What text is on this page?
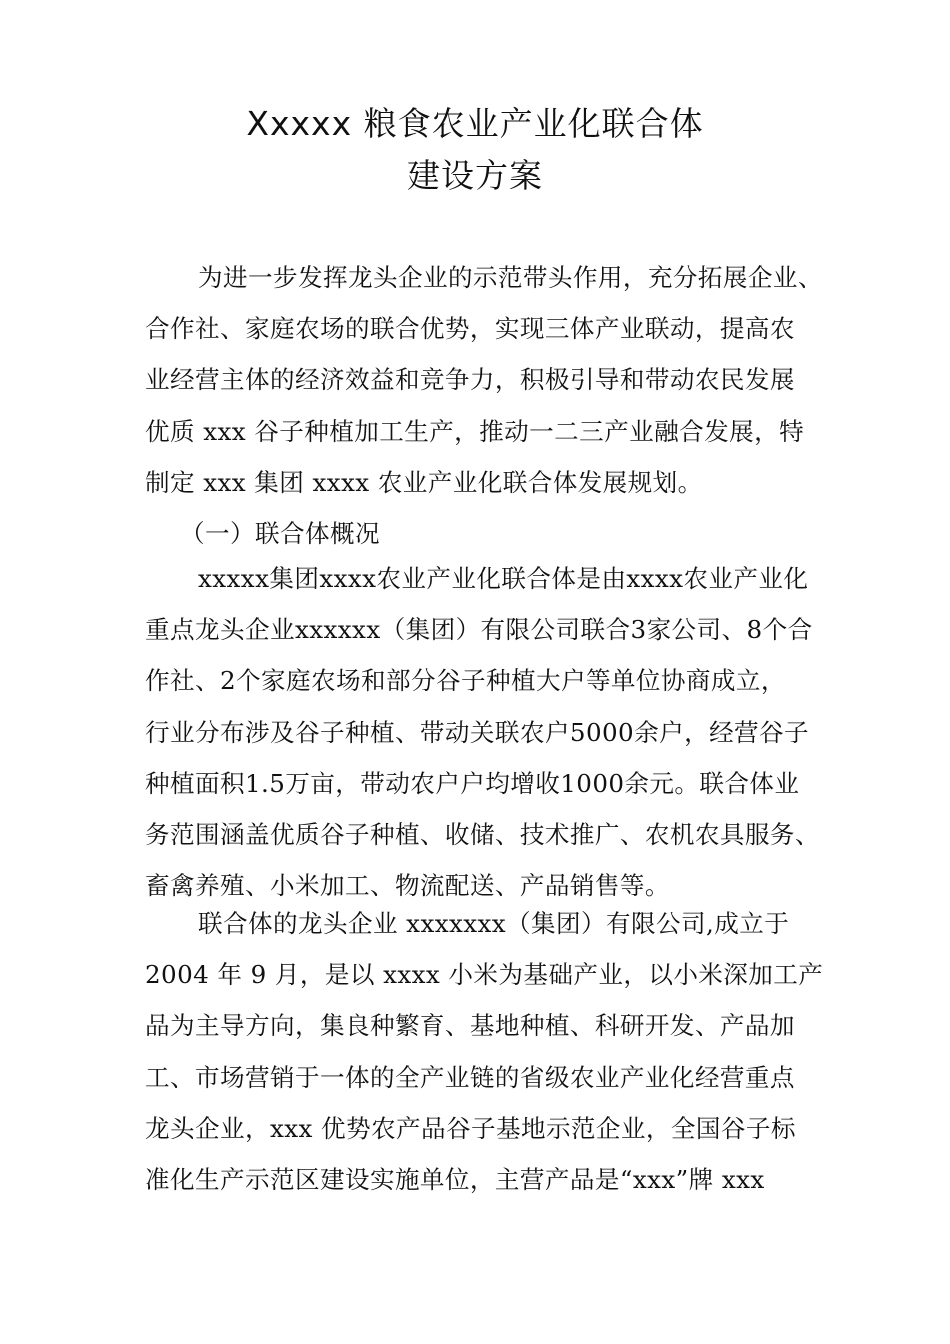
Xxxxx 粮食农业产业化联合体
建设方案
为进一步发挥龙头企业的示范带头作用，充分拓展企业、
合作社、家庭农场的联合优势，实现三体产业联动，提高农
业经营主体的经济效益和竞争力，积极引导和带动农民发展
优质 xxx 谷子种植加工生产，推动一二三产业融合发展，特
制定 xxx 集团 xxxx 农业产业化联合体发展规划。
（一）联合体概况
xxxxx集团xxxx农业产业化联合体是由xxxx农业产业化
重点龙头企业xxxxxx（集团）有限公司联合3家公司、8个合
作社、2个家庭农场和部分谷子种植大户等单位协商成立，
行业分布涉及谷子种植、带动关联农户5000余户，经营谷子
种植面积1.5万亩，带动农户户均增收1000余元。联合体业
务范围涵盖优质谷子种植、收储、技术推广、农机农具服务、
畜禽养殖、小米加工、物流配送、产品销售等。
联合体的龙头企业 xxxxxxx（集团）有限公司,成立于
2004 年 9 月，是以 xxxx 小米为基础产业，以小米深加工产
品为主导方向，集良种繁育、基地种植、科研开发、产品加
工、市场营销于一体的全产业链的省级农业产业化经营重点
龙头企业，xxx 优势农产品谷子基地示范企业，全国谷子标
准化生产示范区建设实施单位，主营产品是“xxx”牌 xxx
